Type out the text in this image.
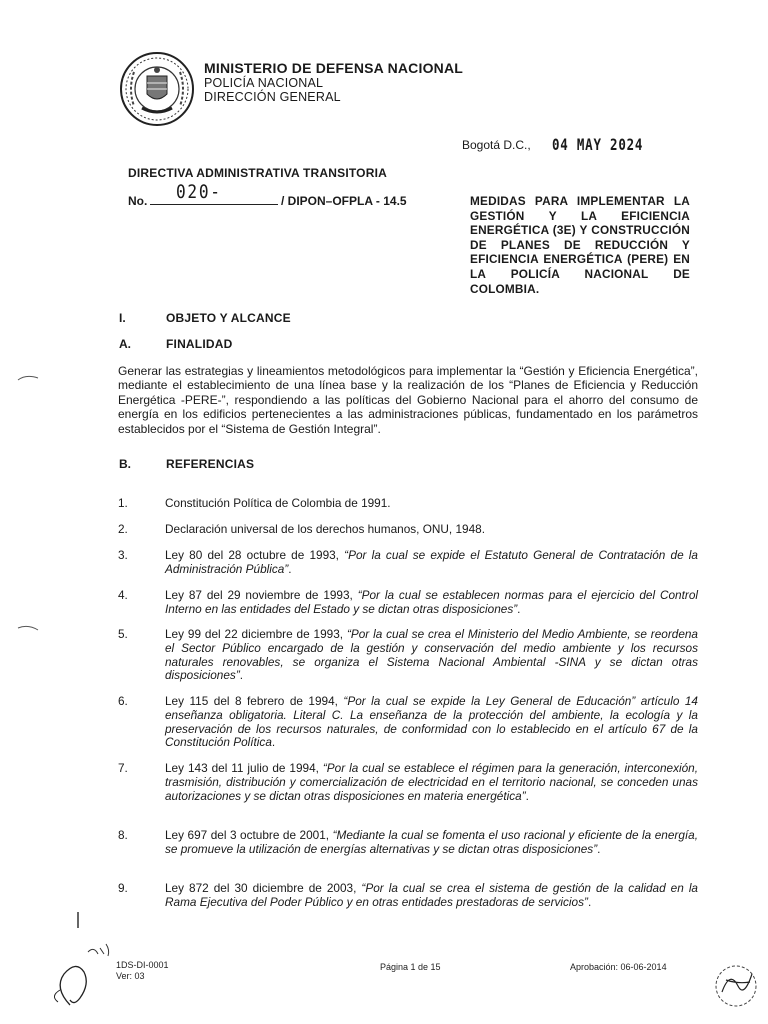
MINISTERIO DE DEFENSA NACIONAL
POLICÍA NACIONAL
DIRECCIÓN GENERAL
Bogotá D.C., 04 MAY 2024
DIRECTIVA ADMINISTRATIVA TRANSITORIA
No. 020-	/ DIPON–OFPLA - 14.5	MEDIDAS PARA IMPLEMENTAR LA GESTIÓN Y LA EFICIENCIA ENERGÉTICA (3E) Y CONSTRUCCIÓN DE PLANES DE REDUCCIÓN Y EFICIENCIA ENERGÉTICA (PERE) EN LA POLICÍA NACIONAL DE COLOMBIA.

I.	OBJETO Y ALCANCE
A.	FINALIDAD

Generar las estrategias y lineamientos metodológicos para implementar la “Gestión y Eficiencia Energética”, mediante el establecimiento de una línea base y la realización de los “Planes de Eficiencia y Reducción Energética -PERE-”, respondiendo a las políticas del Gobierno Nacional para el ahorro del consumo de energía en los edificios pertenecientes a las administraciones públicas, fundamentado en los parámetros establecidos por el “Sistema de Gestión Integral”.

B.	REFERENCIAS
1.	Constitución Política de Colombia de 1991.
2.	Declaración universal de los derechos humanos, ONU, 1948.
3.	Ley 80 del 28 octubre de 1993, “Por la cual se expide el Estatuto General de Contratación de la Administración Pública”.
4.	Ley 87 del 29 noviembre de 1993, “Por la cual se establecen normas para el ejercicio del Control Interno en las entidades del Estado y se dictan otras disposiciones”.
5.	Ley 99 del 22 diciembre de 1993, “Por la cual se crea el Ministerio del Medio Ambiente, se reordena el Sector Público encargado de la gestión y conservación del medio ambiente y los recursos naturales renovables, se organiza el Sistema Nacional Ambiental -SINA y se dictan otras disposiciones”.
6.	Ley 115 del 8 febrero de 1994, “Por la cual se expide la Ley General de Educación” artículo 14 enseñanza obligatoria. Literal C. La enseñanza de la protección del ambiente, la ecología y la preservación de los recursos naturales, de conformidad con lo establecido en el artículo 67 de la Constitución Política.
7.	Ley 143 del 11 julio de 1994, “Por la cual se establece el régimen para la generación, interconexión, trasmisión, distribución y comercialización de electricidad en el territorio nacional, se conceden unas autorizaciones y se dictan otras disposiciones en materia energética”.
8.	Ley 697 del 3 octubre de 2001, “Mediante la cual se fomenta el uso racional y eficiente de la energía, se promueve la utilización de energías alternativas y se dictan otras disposiciones”.
9.	Ley 872 del 30 diciembre de 2003, “Por la cual se crea el sistema de gestión de la calidad en la Rama Ejecutiva del Poder Público y en otras entidades prestadoras de servicios”.
1DS-DI-0001
Ver: 03
Página 1 de 15	Aprobación: 06-06-2014
